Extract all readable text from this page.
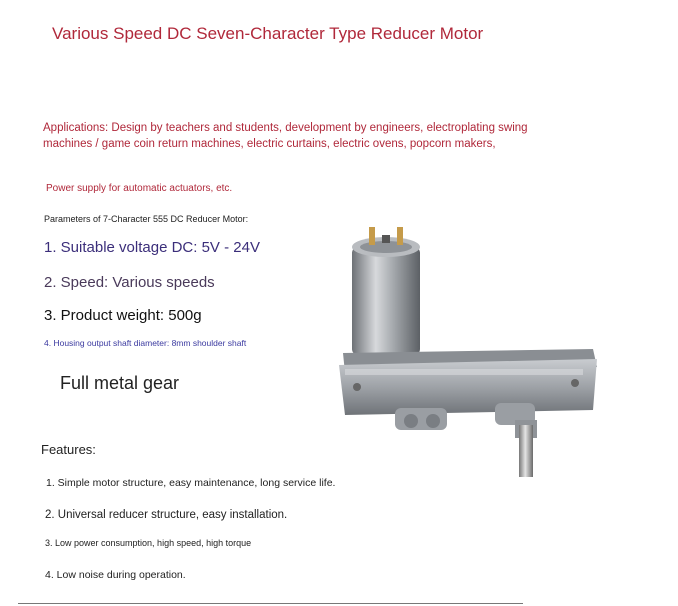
Various Speed DC Seven-Character Type Reducer Motor
Applications: Design by teachers and students, development by engineers, electroplating swing
machines / game coin return machines, electric curtains, electric ovens, popcorn makers,
Power supply for automatic actuators, etc.
Parameters of 7-Character 555 DC Reducer Motor:
1. Suitable voltage DC: 5V - 24V
2. Speed: Various speeds
3. Product weight: 500g
4. Housing output shaft diameter: 8mm shoulder shaft
Full metal gear
Features:
1. Simple motor structure, easy maintenance, long service life.
2. Universal reducer structure, easy installation.
3. Low power consumption, high speed, high torque
4. Low noise during operation.
